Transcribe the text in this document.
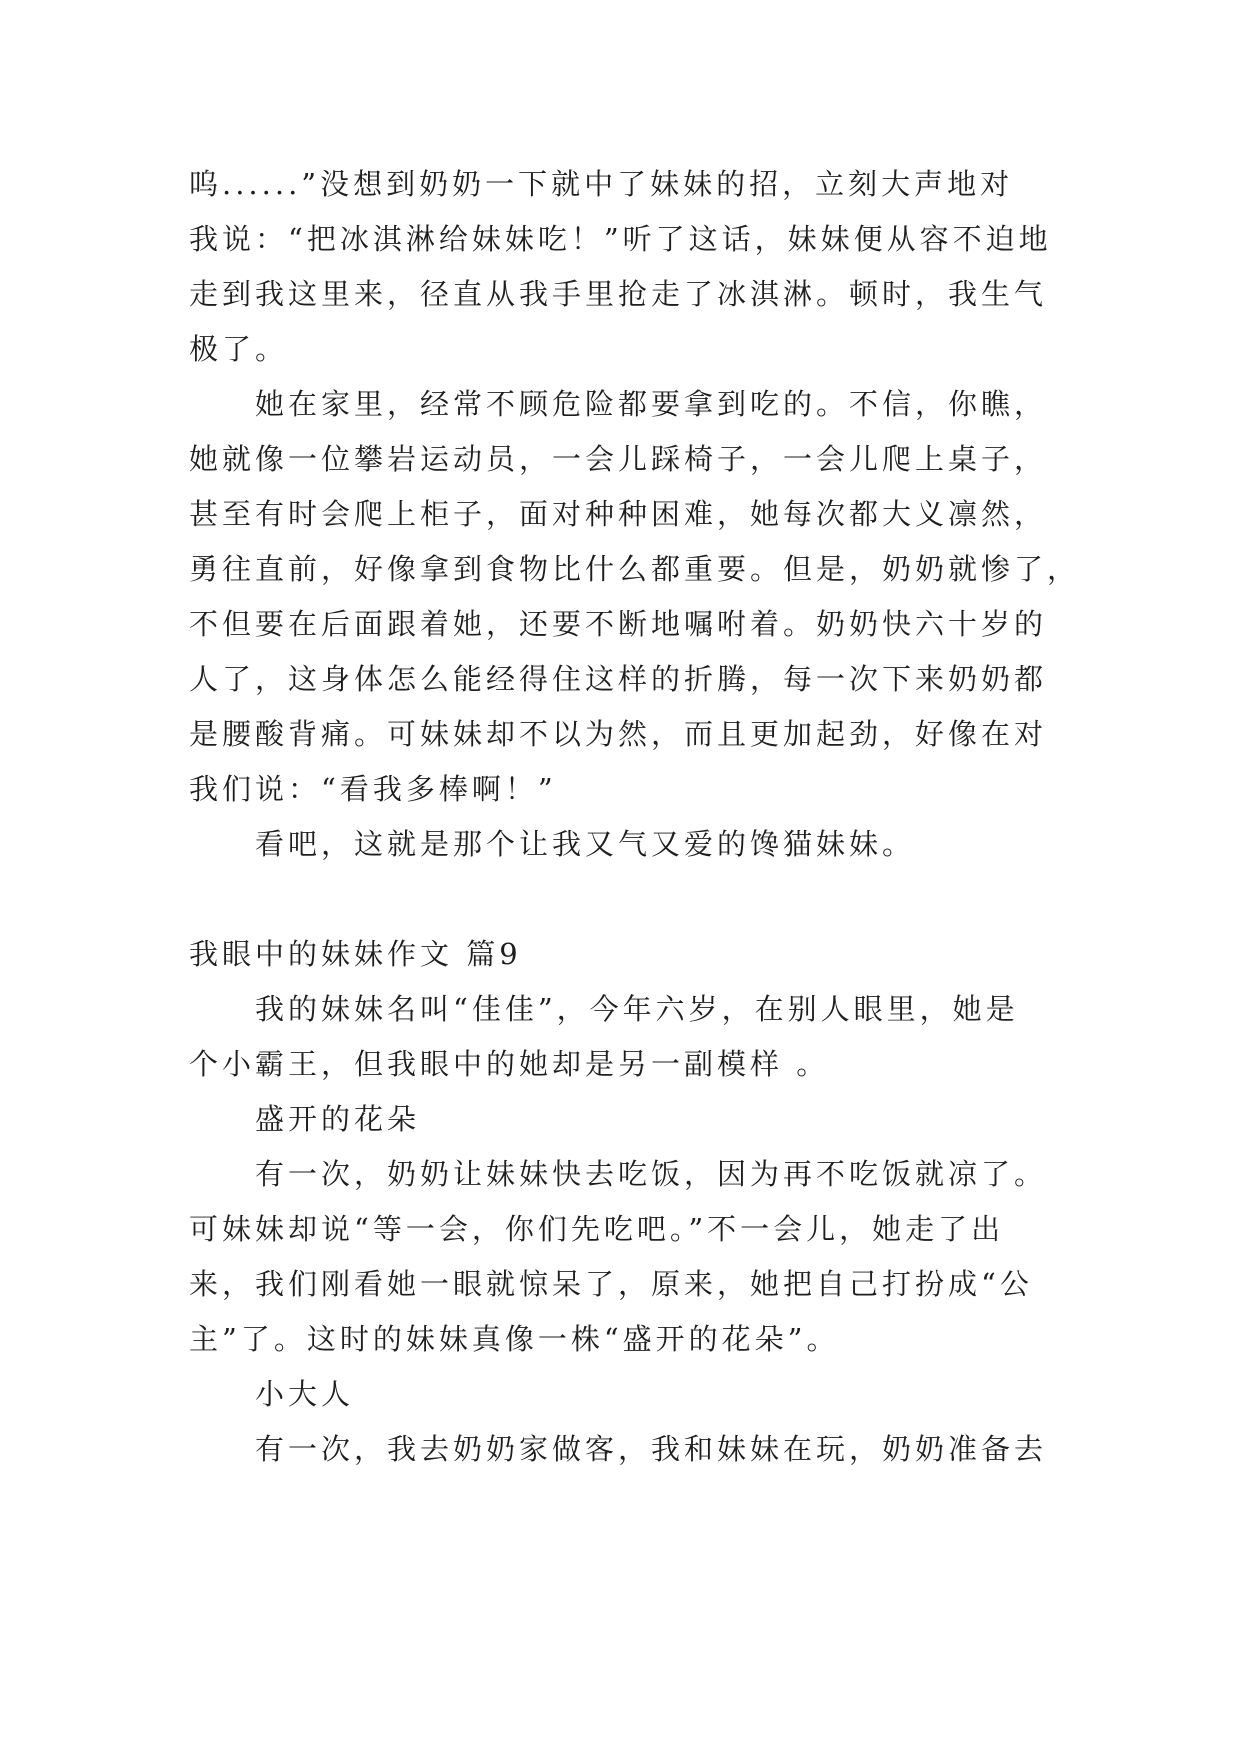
呜......”没想到奶奶一下就中了妹妹的招，立刻大声地对
我说：“把冰淇淋给妹妹吃！”听了这话，妹妹便从容不迫地
走到我这里来，径直从我手里抢走了冰淇淋。顿时，我生气
极了。
她在家里，经常不顾危险都要拿到吃的。不信，你瞧，
她就像一位攀岩运动员，一会儿踩椅子，一会儿爬上桌子，
甚至有时会爬上柜子，面对种种困难，她每次都大义凛然，
勇往直前，好像拿到食物比什么都重要。但是，奶奶就惨了，
不但要在后面跟着她，还要不断地嘱咐着。奶奶快六十岁的
人了，这身体怎么能经得住这样的折腾，每一次下来奶奶都
是腰酸背痛。可妹妹却不以为然，而且更加起劲，好像在对
我们说：“看我多棒啊！”
看吧，这就是那个让我又气又爱的馋猫妹妹。
我眼中的妹妹作文 篇9
我的妹妹名叫“佳佳”，今年六岁，在别人眼里，她是
个小霸王，但我眼中的她却是另一副模样 。
盛开的花朵
有一次，奶奶让妹妹快去吃饭，因为再不吃饭就凉了。
可妹妹却说“等一会，你们先吃吧。”不一会儿，她走了出
来，我们刚看她一眼就惊呆了，原来，她把自己打扮成“公
主”了。这时的妹妹真像一株“盛开的花朵”。
小大人
有一次，我去奶奶家做客，我和妹妹在玩，奶奶准备去
